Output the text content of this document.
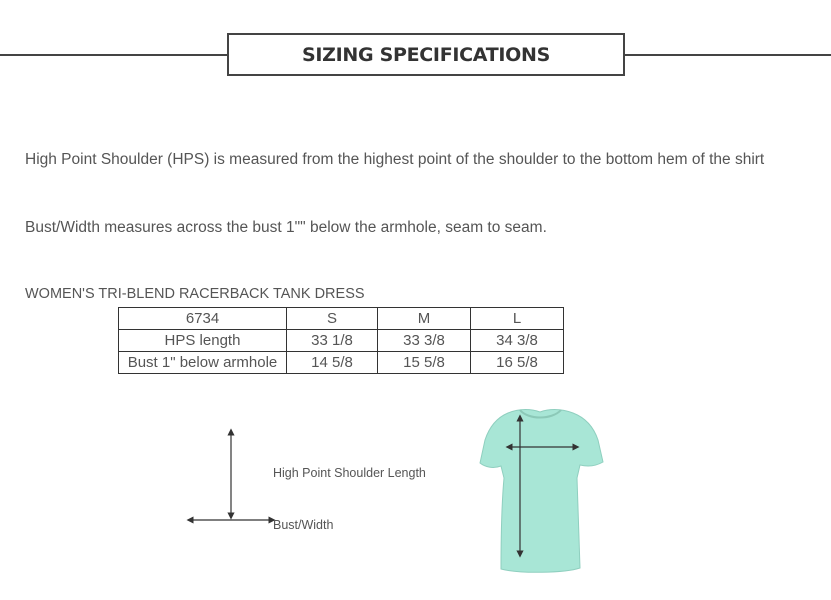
SIZING SPECIFICATIONS
High Point Shoulder (HPS) is measured from the highest point of the shoulder to the bottom hem of the shirt
Bust/Width measures across the bust 1"" below the armhole, seam to seam.
WOMEN'S TRI-BLEND RACERBACK TANK DRESS
6734	S	M	L
HPS length	33 1/8	33 3/8	34 3/8
Bust 1" below armhole	14 5/8	15 5/8	16 5/8
High Point Shoulder Length
Bust/Width
